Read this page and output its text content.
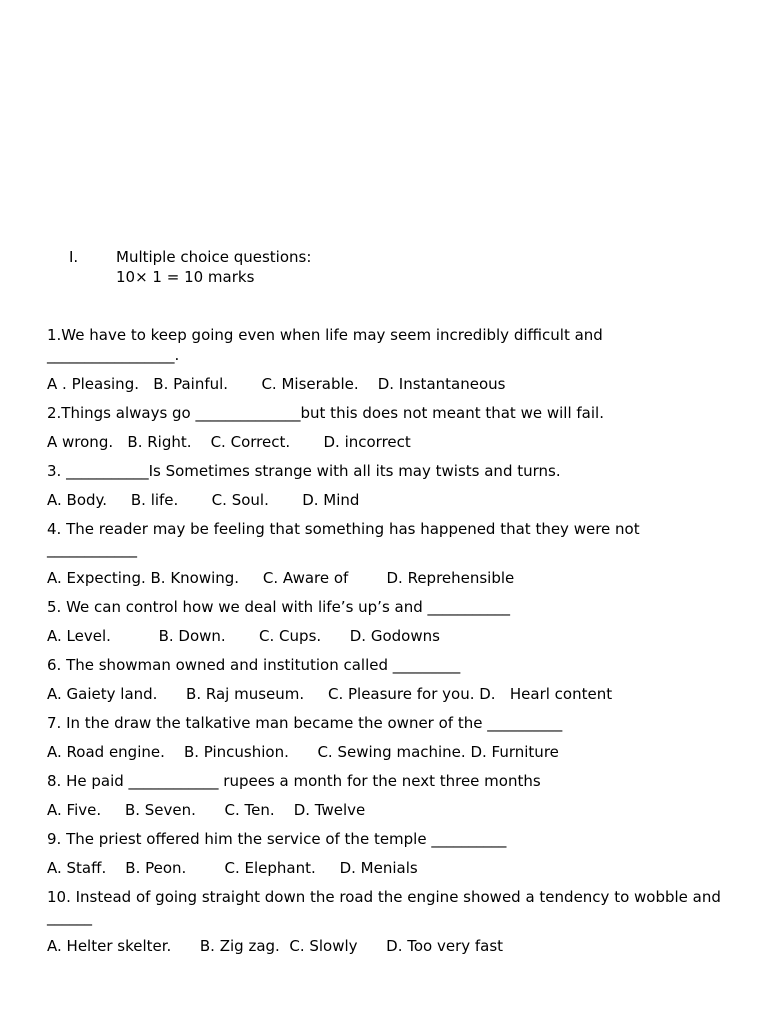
I.	Multiple choice questions:
10× 1 = 10 marks
1.We have to keep going even when life may seem incredibly difficult and _________________.
A . Pleasing.   B. Painful.       C. Miserable.    D. Instantaneous
2.Things always go ______________but this does not meant that we will fail.
A wrong.   B. Right.    C. Correct.       D. incorrect
3. ___________Is Sometimes strange with all its may twists and turns.
A. Body.     B. life.       C. Soul.       D. Mind
4. The reader may be feeling that something has happened that they were not ____________
A. Expecting. B. Knowing.     C. Aware of        D. Reprehensible
5. We can control how we deal with life’s up’s and ___________
A. Level.          B. Down.       C. Cups.      D. Godowns
6. The showman owned and institution called _________
A. Gaiety land.      B. Raj museum.     C. Pleasure for you. D.   Hearl content
7. In the draw the talkative man became the owner of the __________
A. Road engine.    B. Pincushion.      C. Sewing machine. D. Furniture
8. He paid ____________ rupees a month for the next three months
A. Five.     B. Seven.      C. Ten.    D. Twelve
9. The priest offered him the service of the temple __________
A. Staff.    B. Peon.        C. Elephant.     D. Menials
10. Instead of going straight down the road the engine showed a tendency to wobble and ______
A. Helter skelter.      B. Zig zag.  C. Slowly      D. Too very fast
